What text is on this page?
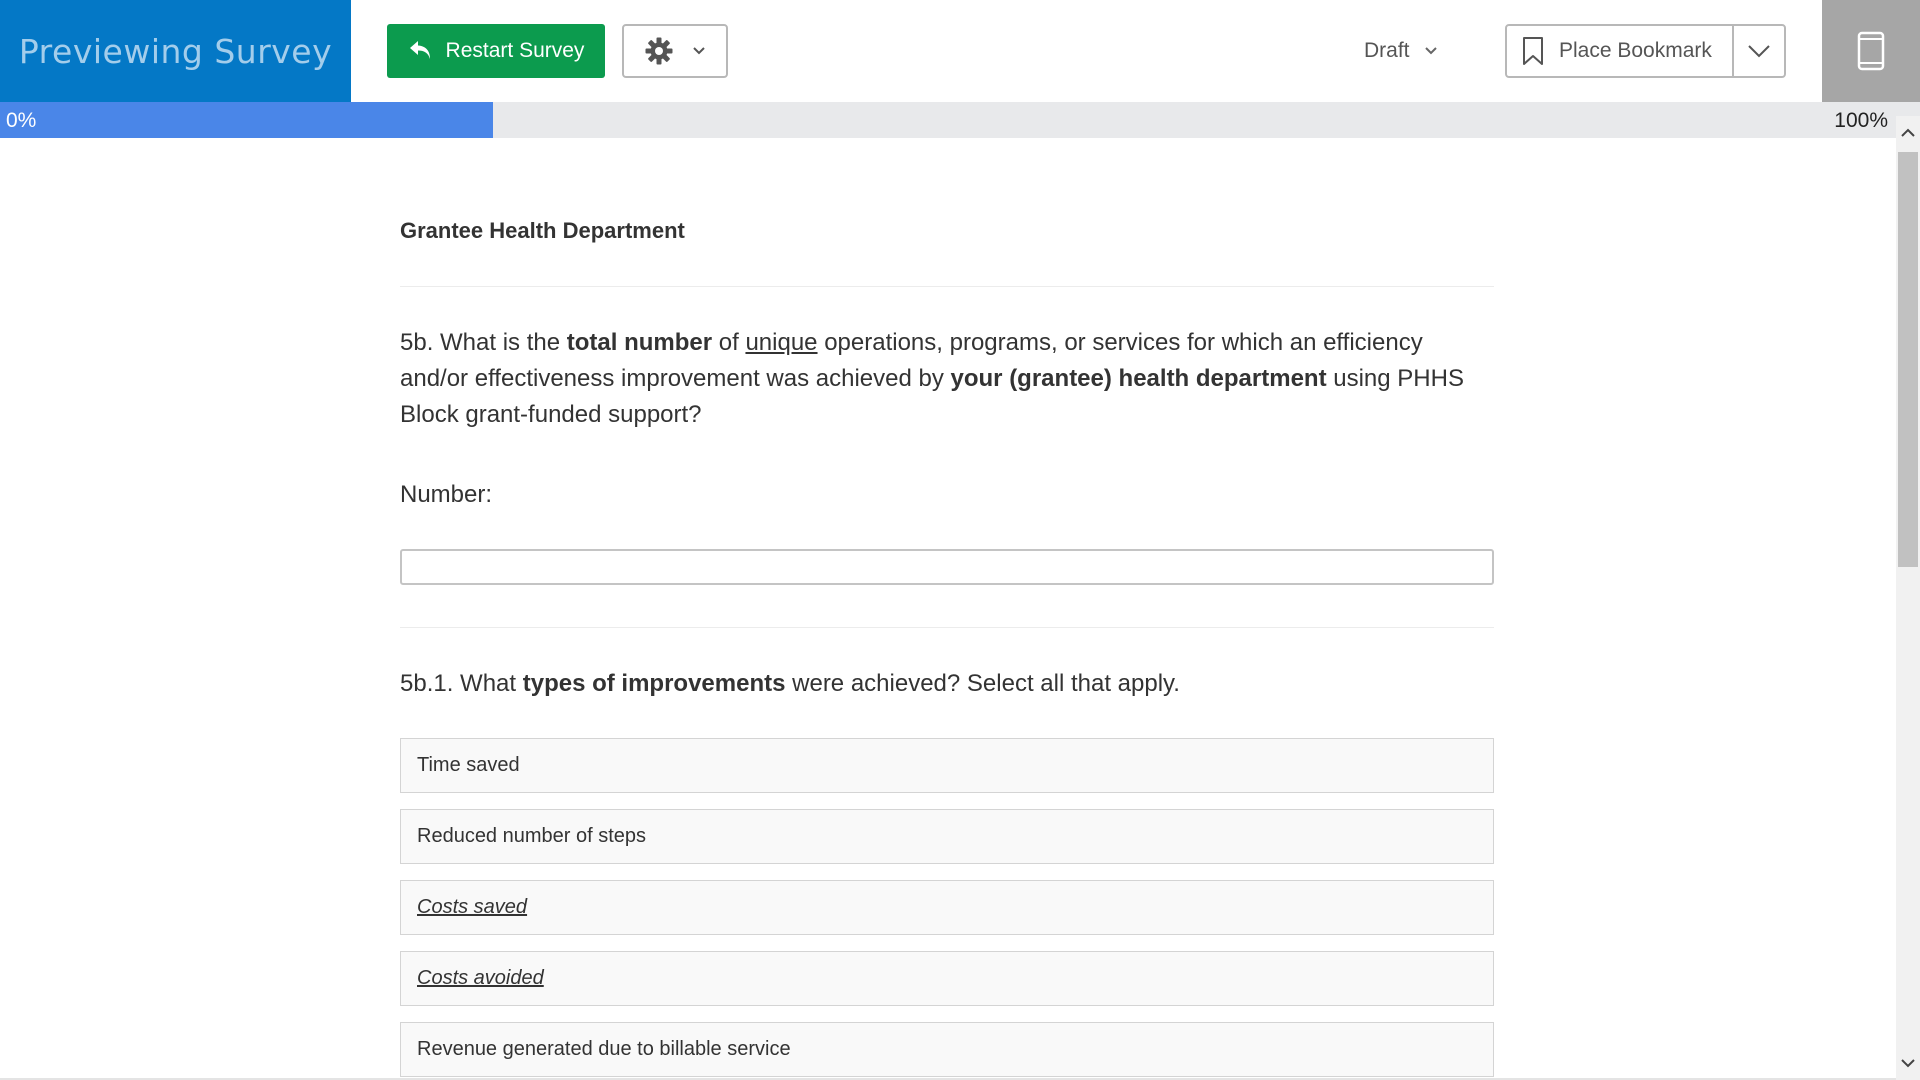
Previewing Survey	Restart Survey	Draft	Place Bookmark
0%	100%
Grantee Health Department
5b. What is the total number of unique operations, programs, or services for which an efficiency and/or effectiveness improvement was achieved by your (grantee) health department using PHHS Block grant-funded support?
Number:
5b.1. What types of improvements were achieved? Select all that apply.
Time saved
Reduced number of steps
Costs saved
Costs avoided
Revenue generated due to billable service
